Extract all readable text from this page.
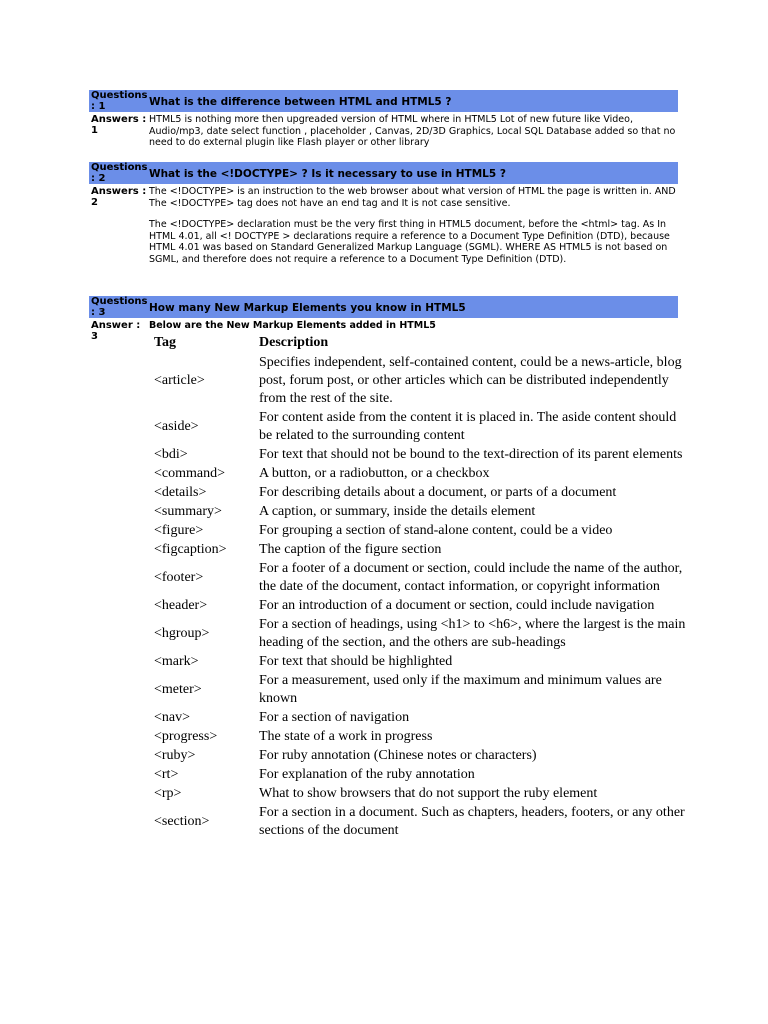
Questions : 1	What is the difference between HTML and HTML5 ?
Answers : 1

HTML5 is nothing more then upgreaded version of HTML where in HTML5 Lot of new future like Video, Audio/mp3, date select function , placeholder , Canvas, 2D/3D Graphics, Local SQL Database added so that no need to do external plugin like Flash player or other library

Questions : 2	What is the <!DOCTYPE> ? Is it necessary to use in HTML5 ?
Answers : 2

The <!DOCTYPE> is an instruction to the web browser about what version of HTML the page is written in. AND The <!DOCTYPE> tag does not have an end tag and It is not case sensitive.

The <!DOCTYPE> declaration must be the very first thing in HTML5 document, before the <html> tag. As In HTML 4.01, all <! DOCTYPE > declarations require a reference to a Document Type Definition (DTD), because HTML 4.01 was based on Standard Generalized Markup Language (SGML). WHERE AS HTML5 is not based on SGML, and therefore does not require a reference to a Document Type Definition (DTD).

Questions : 3	How many New Markup Elements you know in HTML5
Answer : 3
Below are the New Markup Elements added in HTML5
Tag	Description
<article>	Specifies independent, self-contained content, could be a news-article, blog post, forum post, or other articles which can be distributed independently from the rest of the site.
<aside>	For content aside from the content it is placed in. The aside content should be related to the surrounding content
<bdi>	For text that should not be bound to the text-direction of its parent elements
<command>	A button, or a radiobutton, or a checkbox
<details>	For describing details about a document, or parts of a document
<summary>	A caption, or summary, inside the details element
<figure>	For grouping a section of stand-alone content, could be a video
<figcaption>	The caption of the figure section
<footer>	For a footer of a document or section, could include the name of the author, the date of the document, contact information, or copyright information
<header>	For an introduction of a document or section, could include navigation
<hgroup>	For a section of headings, using <h1> to <h6>, where the largest is the main heading of the section, and the others are sub-headings
<mark>	For text that should be highlighted
<meter>	For a measurement, used only if the maximum and minimum values are known
<nav>	For a section of navigation
<progress>	The state of a work in progress
<ruby>	For ruby annotation (Chinese notes or characters)
<rt>	For explanation of the ruby annotation
<rp>	What to show browsers that do not support the ruby element
<section>	For a section in a document. Such as chapters, headers, footers, or any other sections of the document
